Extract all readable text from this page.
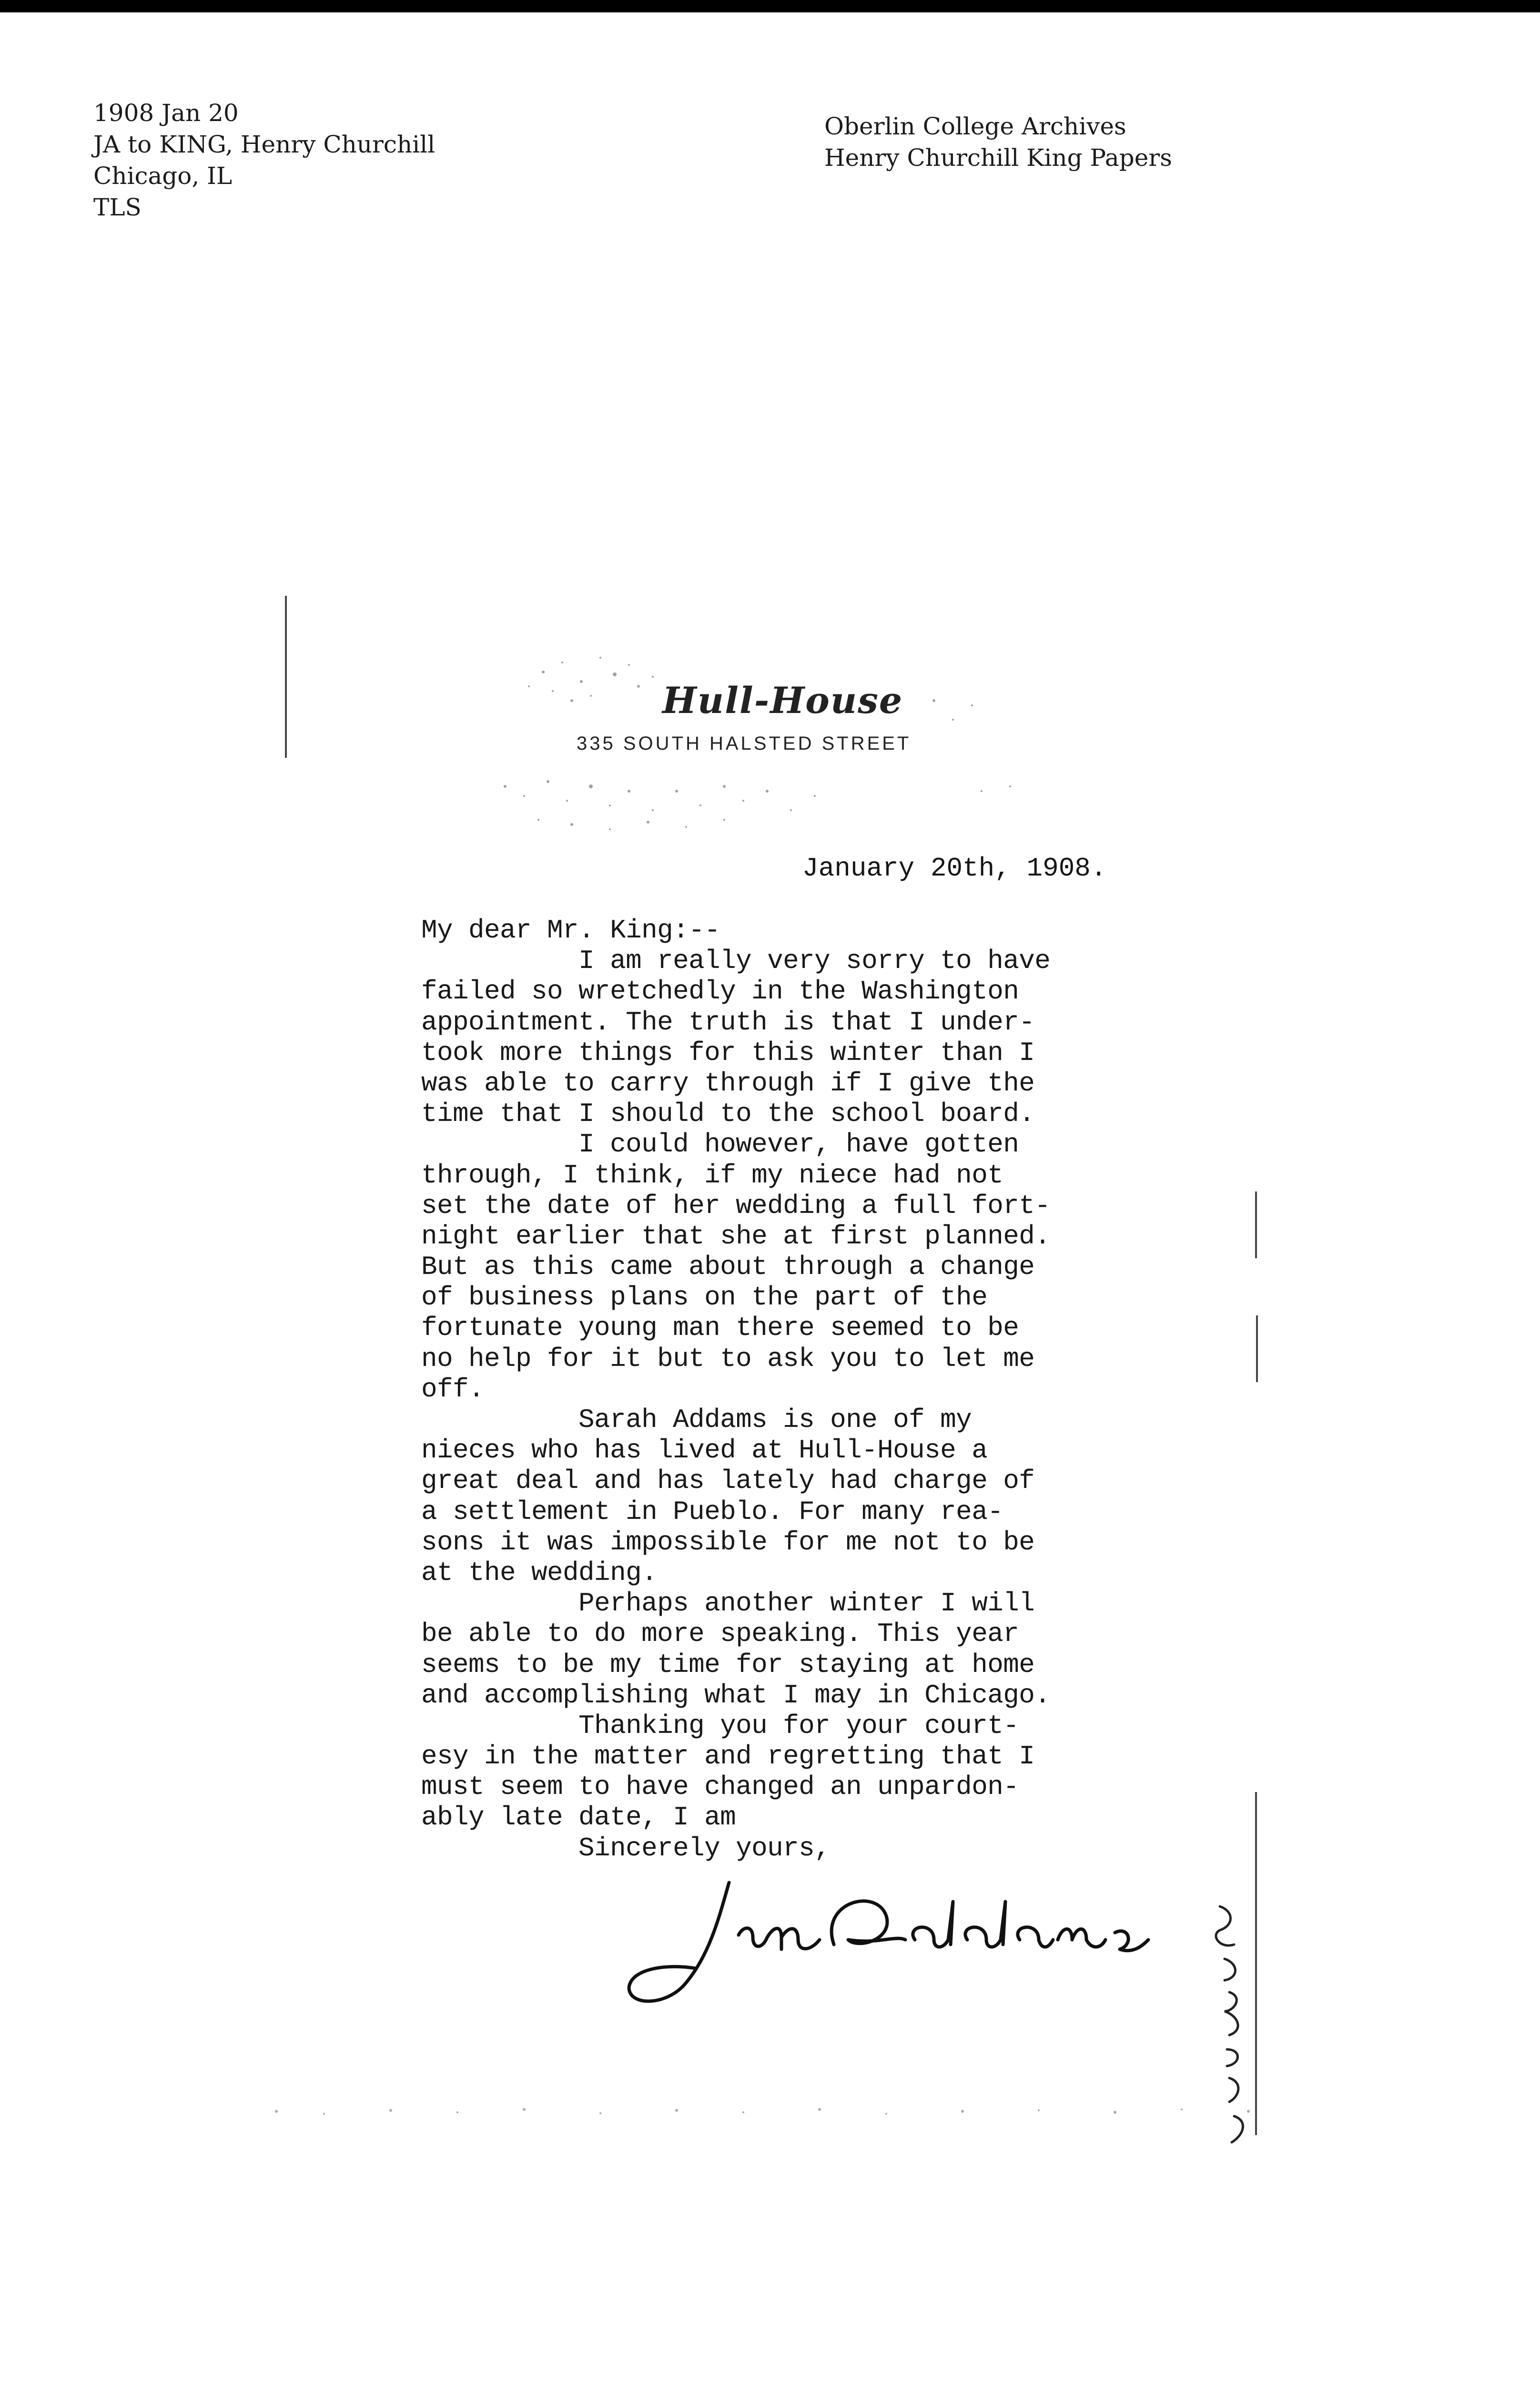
1908 Jan 20
JA to KING, Henry Churchill
Chicago, IL
TLS
Oberlin College Archives
Henry Churchill King Papers
Hull-House
335 SOUTH HALSTED STREET
January 20th, 1908.
My dear Mr. King:--
I am really very sorry to have
failed so wretchedly in the Washington
appointment. The truth is that I under-
took more things for this winter than I
was able to carry through if I give the
time that I should to the school board.
I could however, have gotten
through, I think, if my niece had not
set the date of her wedding a full fort-
night earlier that she at first planned.
But as this came about through a change
of business plans on the part of the
fortunate young man there seemed to be
no help for it but to ask you to let me
off.
Sarah Addams is one of my
nieces who has lived at Hull-House a
great deal and has lately had charge of
a settlement in Pueblo. For many rea-
sons it was impossible for me not to be
at the wedding.
Perhaps another winter I will
be able to do more speaking. This year
seems to be my time for staying at home
and accomplishing what I may in Chicago.
Thanking you for your court-
esy in the matter and regretting that I
must seem to have changed an unpardon-
ably late date, I am
Sincerely yours,
